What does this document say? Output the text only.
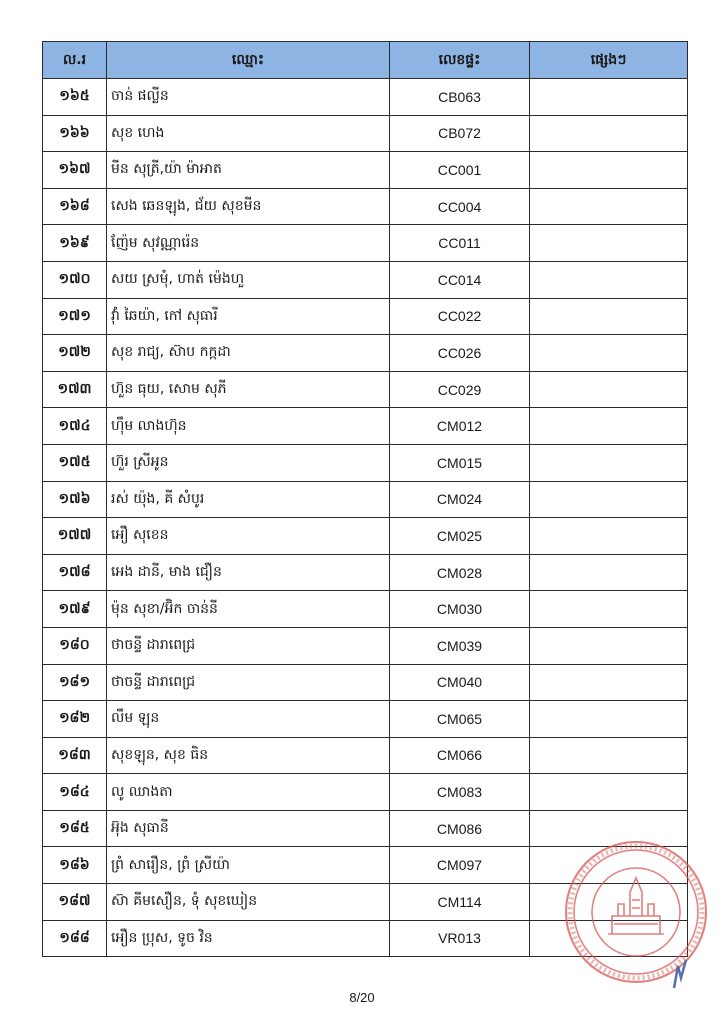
ល.រ	ឈ្មោះ	លេខផ្ទះ	ផ្សេងៗ
១៦៥	ចាន់ ផល្លីន	CB063	
១៦៦	សុខ ហេង	CB072	
១៦៧	មីន សុត្រី,យ៉ា ម៉ាអាត	CC001	
១៦៨	សេង ឆេនឡុង, ជ័យ សុខមីន	CC004	
១៦៩	ញ៉ែម សុវណ្ណារ៉េន	CC011	
១៧០	សយ ស្រមុំ, ហាត់ ម៉េងហួ	CC014	
១៧១	វ៉ាំ ឆៃយ៉ា, កៅ សុធារី	CC022	
១៧២	សុខ រាជ្យ, ស៊ាប កក្កដា	CC026	
១៧៣	ហ៊ួន ធុយ, សោម សុភី	CC029	
១៧៤	ហ៊ឹម លាងហ៊ុន	CM012	
១៧៥	ហ៊ួរ ស្រីអូន	CM015	
១៧៦	រស់ យ៉ុង, គី សំបូរ	CM024	
១៧៧	អឿ សុខេន	CM025	
១៧៨	អេង ដានី, មាង ជឿន	CM028	
១៧៩	ម៉ុន សុខា/អ៊ិក ចាន់នី	CM030	
១៨០	ថាចន្ទី ដារាពេជ្រ	CM039	
១៨១	ថាចន្ទី ដារាពេជ្រ	CM040	
១៨២	លឹម ឡុន	CM065	
១៨៣	សុខឡុន, សុខ ធិន	CM066	
១៨៤	លូ ឈាងតា	CM083	
១៨៥	អ៊ុង សុធានី	CM086	
១៨៦	ព្រំ សារឿន, ព្រំ ស្រីយ៉ា	CM097	
១៨៧	ស៊ា គីមសឿន, ទុំ សុខឃៀន	CM114	
១៨៨	អឿន ប្រុស, ទូច វិន	VR013	
8/20
